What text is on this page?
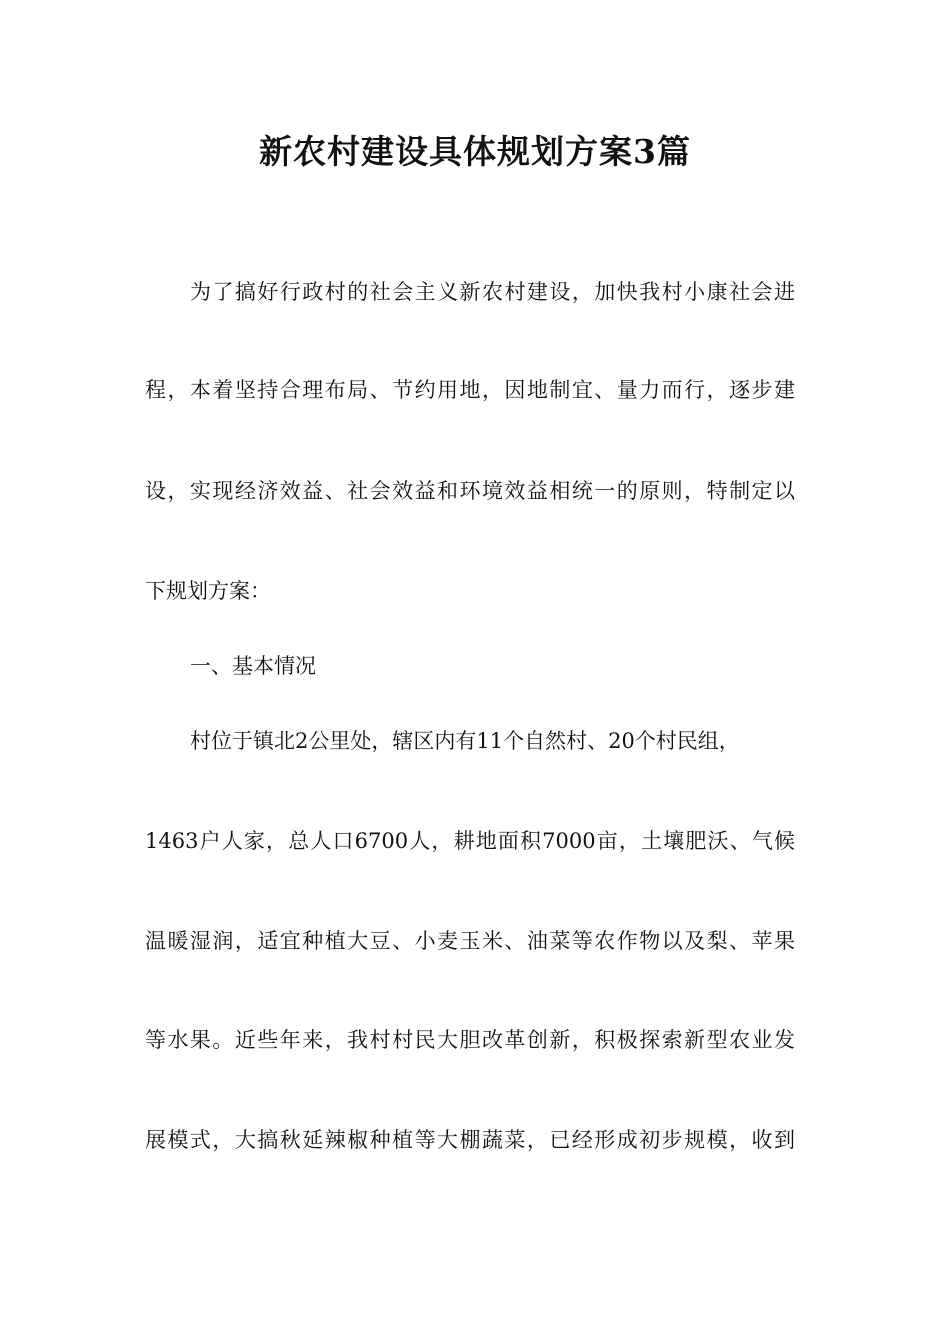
新农村建设具体规划方案3篇

为了搞好行政村的社会主义新农村建设，加快我村小康社会进

程，本着坚持合理布局、节约用地，因地制宜、量力而行，逐步建

设，实现经济效益、社会效益和环境效益相统一的原则，特制定以

下规划方案：

一、基本情况

村位于镇北2公里处，辖区内有11个自然村、20个村民组，

1463户人家，总人口6700人，耕地面积7000亩，土壤肥沃、气候

温暖湿润，适宜种植大豆、小麦玉米、油菜等农作物以及梨、苹果

等水果。近些年来，我村村民大胆改革创新，积极探索新型农业发

展模式，大搞秋延辣椒种植等大棚蔬菜，已经形成初步规模，收到
